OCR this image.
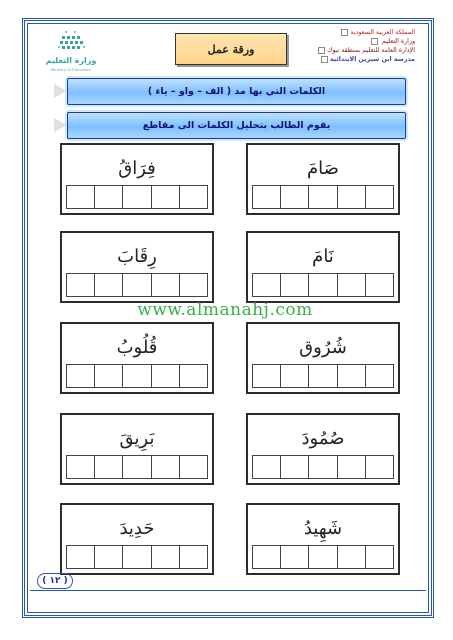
المملكة العربية السعودية
وزارة التعليم
الإدارة العامة للتعليم بمنطقة تبوك
مدرسة ابن سيرين الابتدائية
ورقة عمل
وزارة التعليم
Ministry of Education
الكلمات التي بها مد ( الف – واو – ياء )
يقوم الطالب بتحليل الكلمات الى مقاطع
صَامَ
فِرَاقُ
نَامَ
رِقَابَ
شُرُوق
قُلُوبُ
صُمُودَ
بَرِيقَ
شَهِيدُ
حَدِيدَ
www.almanahj.com
( ١٢ )
